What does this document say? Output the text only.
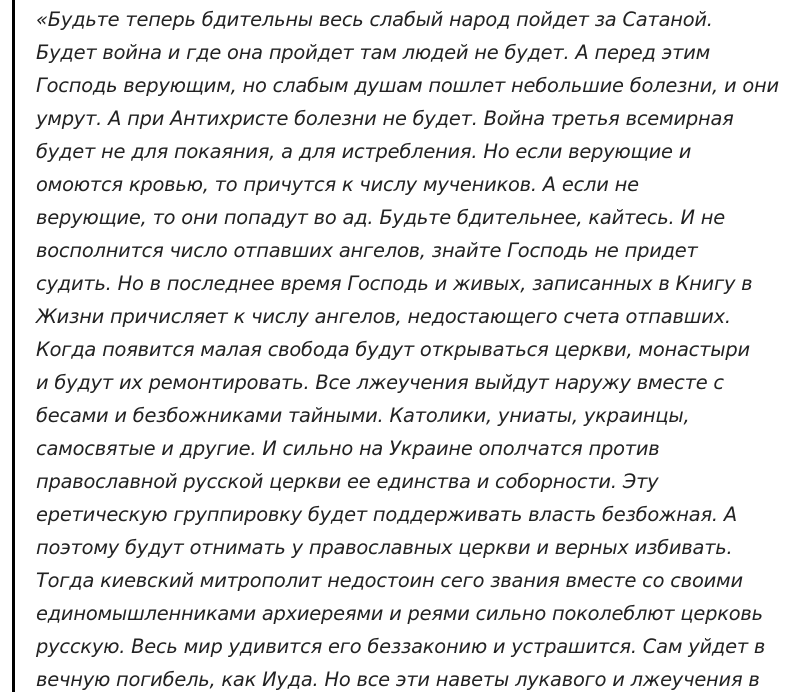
«Будьте теперь бдительны весь слабый народ пойдет за Сатаной.
Будет война и где она пройдет там людей не будет. А перед этим
Господь верующим, но слабым душам пошлет небольшие болезни, и они
умрут. А при Антихристе болезни не будет. Война третья всемирная
будет не для покаяния, а для истребления. Но если верующие и
омоются кровью, то причутся к числу мучеников. А если не
верующие, то они попадут во ад. Будьте бдительнее, кайтесь. И не
восполнится число отпавших ангелов, знайте Господь не придет
судить. Но в последнее время Господь и живых, записанных в Книгу в
Жизни причисляет к числу ангелов, недостающего счета отпавших.
Когда появится малая свобода будут открываться церкви, монастыри
и будут их ремонтировать. Все лжеучения выйдут наружу вместе с
бесами и безбожниками тайными. Католики, униаты, украинцы,
самосвятые и другие. И сильно на Украине ополчатся против
православной русской церкви ее единства и соборности. Эту
еретическую группировку будет поддерживать власть безбожная. А
поэтому будут отнимать у православных церкви и верных избивать.
Тогда киевский митрополит недостоин сего звания вместе со своими
единомышленниками архиереями и реями сильно поколеблют церковь
русскую. Весь мир удивится его беззаконию и устрашится. Сам уйдет в
вечную погибель, как Иуда. Но все эти наветы лукавого и лжеучения в
